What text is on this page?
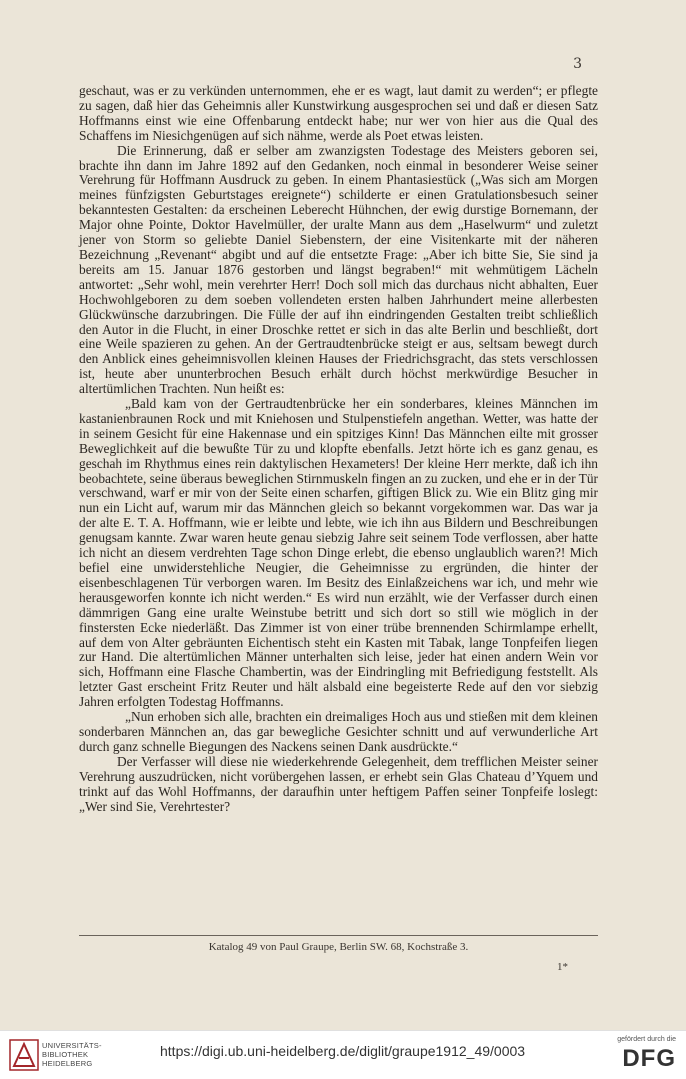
3

geschaut, was er zu verkünden unternommen, ehe er es wagt, laut damit zu werden“; er pflegte zu sagen, daß hier das Geheimnis aller Kunstwirkung ausgesprochen sei und daß er diesen Satz Hoffmanns einst wie eine Offenbarung entdeckt habe; nur wer von hier aus die Qual des Schaffens im Niesichgenügen auf sich nähme, werde als Poet etwas leisten.

Die Erinnerung, daß er selber am zwanzigsten Todestage des Meisters geboren sei, brachte ihn dann im Jahre 1892 auf den Gedanken, noch einmal in besonderer Weise seiner Verehrung für Hoffmann Ausdruck zu geben. In einem Phantasiestück („Was sich am Morgen meines fünfzigsten Geburtstages ereignete“) schilderte er einen Gratulationsbesuch seiner bekanntesten Gestalten: da erscheinen Leberecht Hühnchen, der ewig durstige Bornemann, der Major ohne Pointe, Doktor Havelmüller, der uralte Mann aus dem „Haselwurm“ und zuletzt jener von Storm so geliebte Daniel Siebenstern, der eine Visitenkarte mit der näheren Bezeichnung „Revenant“ abgibt und auf die entsetzte Frage: „Aber ich bitte Sie, Sie sind ja bereits am 15. Januar 1876 gestorben und längst begraben!“ mit wehmütigem Lächeln antwortet: „Sehr wohl, mein verehrter Herr! Doch soll mich das durchaus nicht abhalten, Euer Hochwohlgeboren zu dem soeben vollendeten ersten halben Jahrhundert meine allerbesten Glückwünsche darzubringen. Die Fülle der auf ihn eindringenden Gestalten treibt schließlich den Autor in die Flucht, in einer Droschke rettet er sich in das alte Berlin und beschließt, dort eine Weile spazieren zu gehen. An der Gertraudtenbrücke steigt er aus, seltsam bewegt durch den Anblick eines geheimnisvollen kleinen Hauses der Friedrichsgracht, das stets verschlossen ist, heute aber ununterbrochen Besuch erhält durch höchst merkwürdige Besucher in altertümlichen Trachten. Nun heißt es:

„Bald kam von der Gertraudtenbrücke her ein sonderbares, kleines Männchen im kastanienbraunen Rock und mit Kniehosen und Stulpenstiefeln angethan. Wetter, was hatte der in seinem Gesicht für eine Hakennase und ein spitziges Kinn! Das Männchen eilte mit grosser Beweglichkeit auf die bewußte Tür zu und klopfte ebenfalls. Jetzt hörte ich es ganz genau, es geschah im Rhythmus eines rein daktylischen Hexameters! Der kleine Herr merkte, daß ich ihn beobachtete, seine überaus beweglichen Stirnmuskeln fingen an zu zucken, und ehe er in der Tür verschwand, warf er mir von der Seite einen scharfen, giftigen Blick zu. Wie ein Blitz ging mir nun ein Licht auf, warum mir das Männchen gleich so bekannt vorgekommen war. Das war ja der alte E. T. A. Hoffmann, wie er leibte und lebte, wie ich ihn aus Bildern und Beschreibungen genugsam kannte. Zwar waren heute genau siebzig Jahre seit seinem Tode verflossen, aber hatte ich nicht an diesem verdrehten Tage schon Dinge erlebt, die ebenso unglaublich waren?! Mich befiel eine unwiderstehliche Neugier, die Geheimnisse zu ergründen, die hinter der eisenbeschlagenen Tür verborgen waren. Im Besitz des Einlaßzeichens war ich, und mehr wie herausgeworfen konnte ich nicht werden.“ Es wird nun erzählt, wie der Verfasser durch einen dämmrigen Gang eine uralte Weinstube betritt und sich dort so still wie möglich in der finstersten Ecke niederläßt. Das Zimmer ist von einer trübe brennenden Schirmlampe erhellt, auf dem von Alter gebräunten Eichentisch steht ein Kasten mit Tabak, lange Tonpfeifen liegen zur Hand. Die altertümlichen Männer unterhalten sich leise, jeder hat einen andern Wein vor sich, Hoffmann eine Flasche Chambertin, was der Eindringling mit Befriedigung feststellt. Als letzter Gast erscheint Fritz Reuter und hält alsbald eine begeisterte Rede auf den vor siebzig Jahren erfolgten Todestag Hoffmanns.

„Nun erhoben sich alle, brachten ein dreimaliges Hoch aus und stießen mit dem kleinen sonderbaren Männchen an, das gar bewegliche Gesichter schnitt und auf verwunderliche Art durch ganz schnelle Biegungen des Nackens seinen Dank ausdrückte.“

Der Verfasser will diese nie wiederkehrende Gelegenheit, dem trefflichen Meister seiner Verehrung auszudrücken, nicht vorübergehen lassen, er erhebt sein Glas Chateau d’Yquem und trinkt auf das Wohl Hoffmanns, der daraufhin unter heftigem Paffen seiner Tonpfeife loslegt: „Wer sind Sie, Verehrtester?

Katalog 49 von Paul Graupe, Berlin SW. 68, Kochstraße 3.
1*
UNIVERSITÄTS-
BIBLIOTHEK
HEIDELBERG
https://digi.ub.uni-heidelberg.de/diglit/graupe1912_49/0003
gefördert durch die
DFG
